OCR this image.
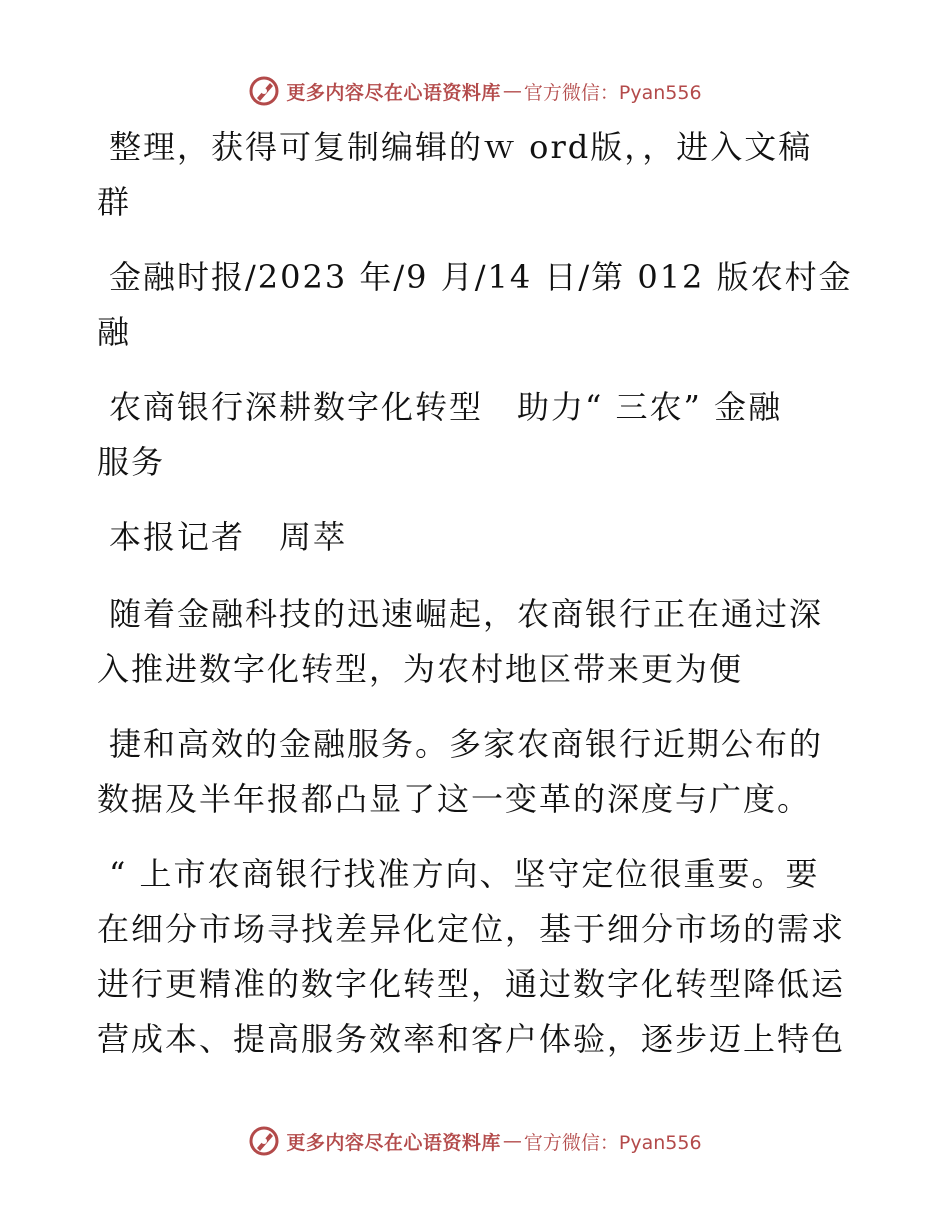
更多内容尽在心语资料库 — 官方微信：Pyan556

整理，获得可复制编辑的ｗ ord版，，进入文稿
群

金融时报/2023 年/9 月/14 日/第 012 版农村金
融

农商银行深耕数字化转型　助力“ 三农” 金融
服务

本报记者　周萃

随着金融科技的迅速崛起，农商银行正在通过深
入推进数字化转型，为农村地区带来更为便

捷和高效的金融服务。多家农商银行近期公布的
数据及半年报都凸显了这一变革的深度与广度。

“ 上市农商银行找准方向、坚守定位很重要。要
在细分市场寻找差异化定位，基于细分市场的需求
进行更精准的数字化转型，通过数字化转型降低运
营成本、提高服务效率和客户体验，逐步迈上特色

更多内容尽在心语资料库 — 官方微信：Pyan556
